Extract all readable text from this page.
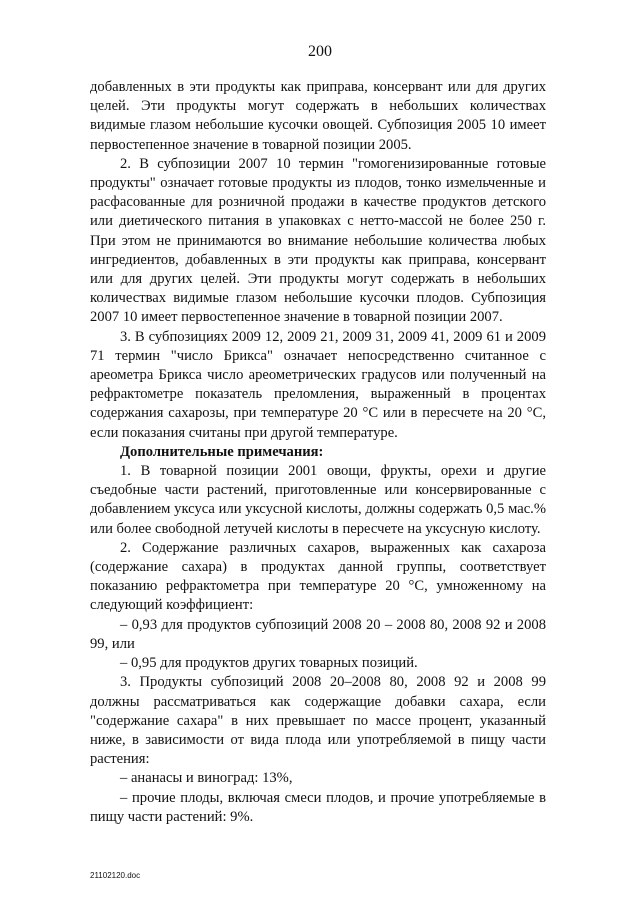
200

добавленных в эти продукты как приправа, консервант или для других целей. Эти продукты могут содержать в небольших количествах видимые глазом небольшие кусочки овощей. Субпозиция 2005 10 имеет первостепенное значение в товарной позиции 2005.

2. В субпозиции 2007 10 термин "гомогенизированные готовые продукты" означает готовые продукты из плодов, тонко измельченные и расфасованные для розничной продажи в качестве продуктов детского или диетического питания в упаковках с нетто-массой не более 250 г. При этом не принимаются во внимание небольшие количества любых ингредиентов, добавленных в эти продукты как приправа, консервант или для других целей. Эти продукты могут содержать в небольших количествах видимые глазом небольшие кусочки плодов. Субпозиция 2007 10 имеет первостепенное значение в товарной позиции 2007.

3. В субпозициях 2009 12, 2009 21, 2009 31, 2009 41, 2009 61 и 2009 71 термин "число Брикса" означает непосредственно считанное с ареометра Брикса число ареометрических градусов или полученный на рефрактометре показатель преломления, выраженный в процентах содержания сахарозы, при температуре 20 °С или в пересчете на 20 °С, если показания считаны при другой температуре.

Дополнительные примечания:

1. В товарной позиции 2001 овощи, фрукты, орехи и другие съедобные части растений, приготовленные или консервированные с добавлением уксуса или уксусной кислоты, должны содержать 0,5 мас.% или более свободной летучей кислоты в пересчете на уксусную кислоту.

2. Содержание различных сахаров, выраженных как сахароза (содержание сахара) в продуктах данной группы, соответствует показанию рефрактометра при температуре 20 °С, умноженному на следующий коэффициент:

– 0,93 для продуктов субпозиций 2008 20 – 2008 80, 2008 92 и 2008 99, или

– 0,95 для продуктов других товарных позиций.

3. Продукты субпозиций 2008 20–2008 80, 2008 92 и 2008 99 должны рассматриваться как содержащие добавки сахара, если "содержание сахара" в них превышает по массе процент, указанный ниже, в зависимости от вида плода или употребляемой в пищу части растения:

– ананасы и виноград: 13%,

– прочие плоды, включая смеси плодов, и прочие употребляемые в пищу части растений: 9%.

21102120.doc
